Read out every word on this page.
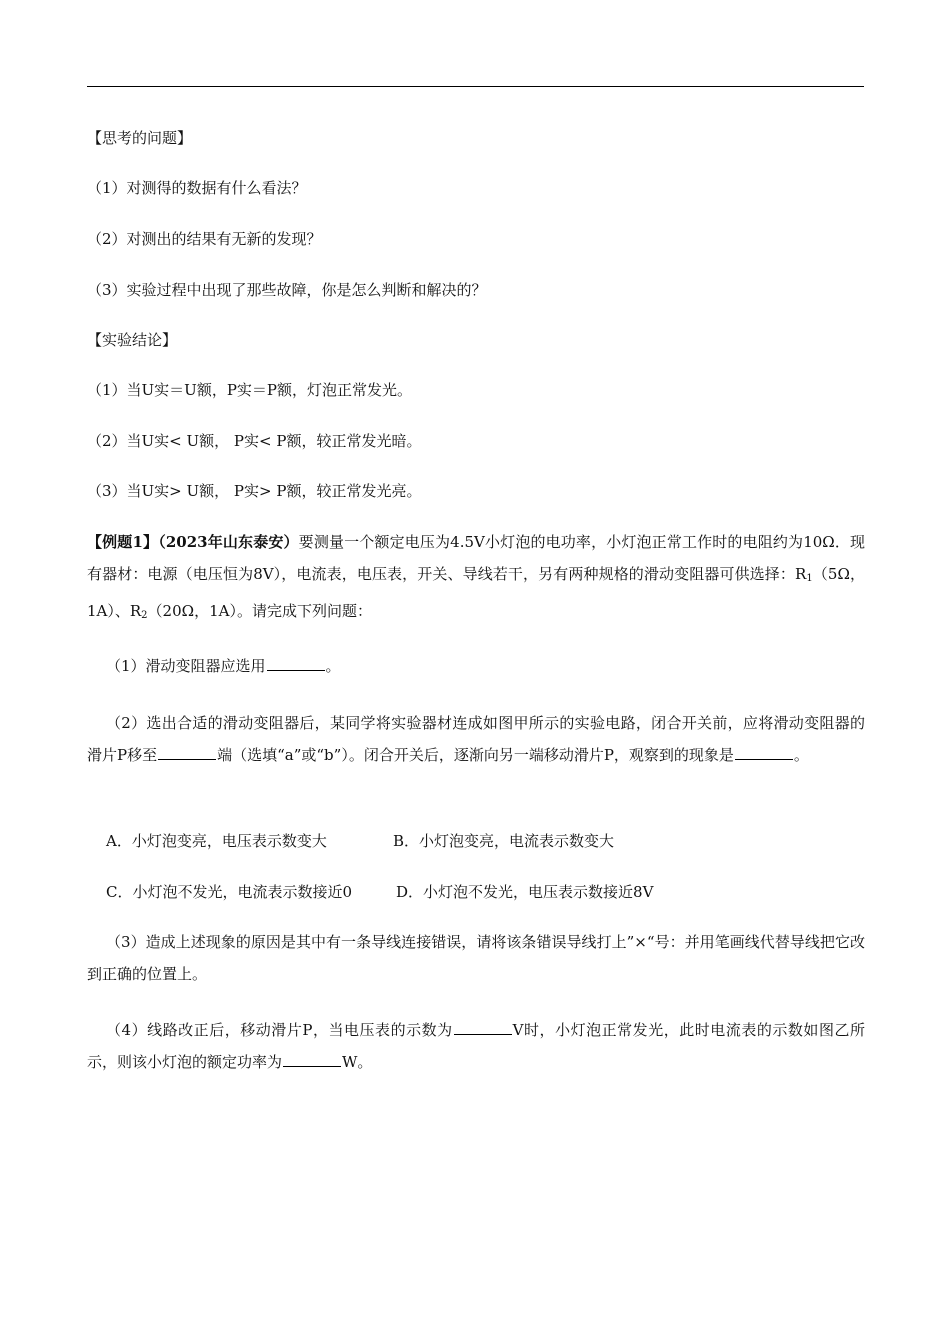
【思考的问题】
（1）对测得的数据有什么看法？
（2）对测出的结果有无新的发现？
（3）实验过程中出现了那些故障，你是怎么判断和解决的？
【实验结论】
（1）当U实＝U额，P实＝P额，灯泡正常发光。
（2）当U实< U额， P实< P额，较正常发光暗。
（3）当U实> U额， P实> P额，较正常发光亮。
【例题1】（2023年山东泰安）要测量一个额定电压为4.5V小灯泡的电功率，小灯泡正常工作时的电阻约为10Ω．现有器材：电源（电压恒为8V），电流表，电压表，开关、导线若干，另有两种规格的滑动变阻器可供选择：$R_1(5\Omega$，1A）、$R_2(20\Omega$，1A）。请完成下列问题：
（1）滑动变阻器应选用	。
（2）选出合适的滑动变阻器后，某同学将实验器材连成如图甲所示的实验电路，闭合开关前，应将滑动变阻器的滑片P移至	端（选填“a”或“b”）。闭合开关后，逐渐向另一端移动滑片P，观察到的现象是	。
A．小灯泡变亮，电压表示数变大	B．小灯泡变亮，电流表示数变大
C．小灯泡不发光，电流表示数接近0	D．小灯泡不发光，电压表示数接近8V
（3）造成上述现象的原因是其中有一条导线连接错误，请将该条错误导线打上”×“号：并用笔画线代替导线把它改到正确的位置上。
（4）线路改正后，移动滑片P，当电压表的示数为	V时，小灯泡正常发光，此时电流表的示数如图乙所示，则该小灯泡的额定功率为	W。
